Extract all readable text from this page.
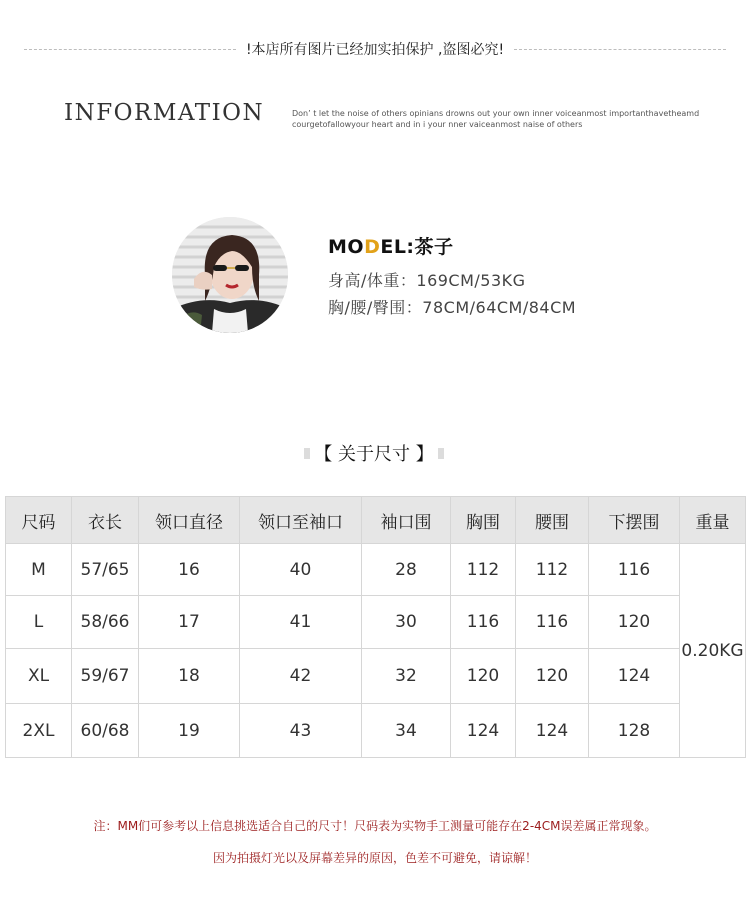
!本店所有图片已经加实拍保护 ,盗图必究!
INFORMATION	Don’ t let the noise of others opinians drowns out your own inner voiceanmost importanthavetheamd
courgetofallowyour heart and in i your nner vaiceanmost naise of others
MODEL:茶子
身高/体重：169CM/53KG
胸/腰/臀围：78CM/64CM/84CM
【 关于尺寸 】
尺码	衣长	领口直径	领口至袖口	袖口围	胸围	腰围	下摆围	重量
M	57/65	16	40	28	112	112	116	0.20KG
L	58/66	17	41	30	116	116	120	
XL	59/67	18	42	32	120	120	124	
2XL	60/68	19	43	34	124	124	128	
注：MM们可参考以上信息挑选适合自己的尺寸！尺码表为实物手工测量可能存在2-4CM误差属正常现象。
因为拍摄灯光以及屏幕差异的原因，色差不可避免，请谅解！
